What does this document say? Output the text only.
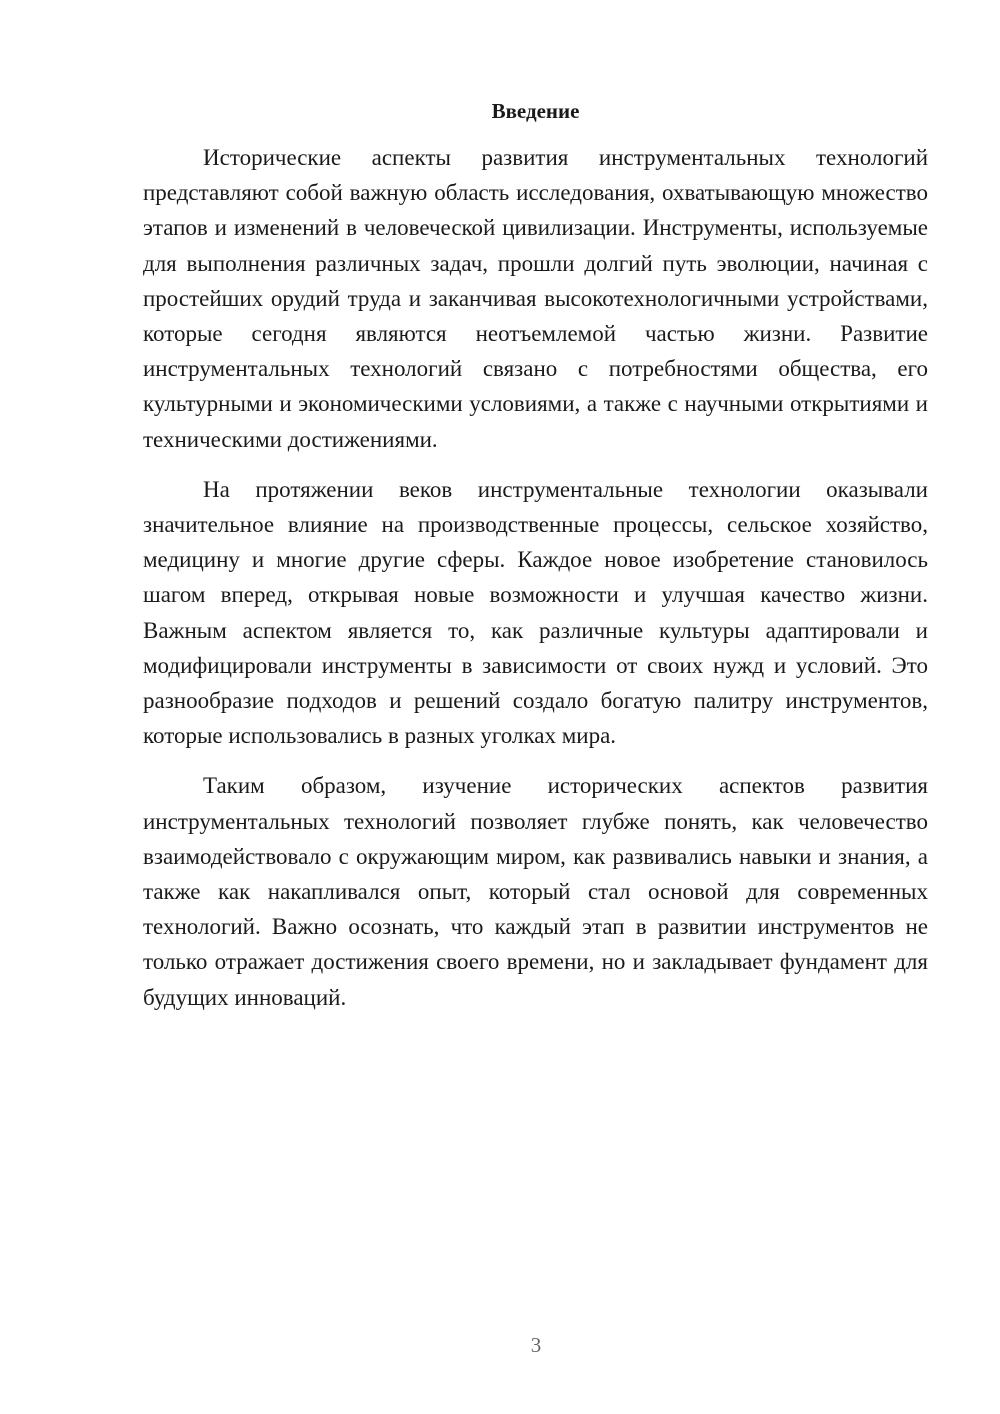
Введение

Исторические аспекты развития инструментальных технологий представляют собой важную область исследования, охватывающую множество этапов и изменений в человеческой цивилизации. Инструменты, используемые для выполнения различных задач, прошли долгий путь эволюции, начиная с простейших орудий труда и заканчивая высокотехнологичными устройствами, которые сегодня являются неотъемлемой частью жизни. Развитие инструментальных технологий связано с потребностями общества, его культурными и экономическими условиями, а также с научными открытиями и техническими достижениями.

На протяжении веков инструментальные технологии оказывали значительное влияние на производственные процессы, сельское хозяйство, медицину и многие другие сферы. Каждое новое изобретение становилось шагом вперед, открывая новые возможности и улучшая качество жизни. Важным аспектом является то, как различные культуры адаптировали и модифицировали инструменты в зависимости от своих нужд и условий. Это разнообразие подходов и решений создало богатую палитру инструментов, которые использовались в разных уголках мира.

Таким образом, изучение исторических аспектов развития инструментальных технологий позволяет глубже понять, как человечество взаимодействовало с окружающим миром, как развивались навыки и знания, а также как накапливался опыт, который стал основой для современных технологий. Важно осознать, что каждый этап в развитии инструментов не только отражает достижения своего времени, но и закладывает фундамент для будущих инноваций.

3
